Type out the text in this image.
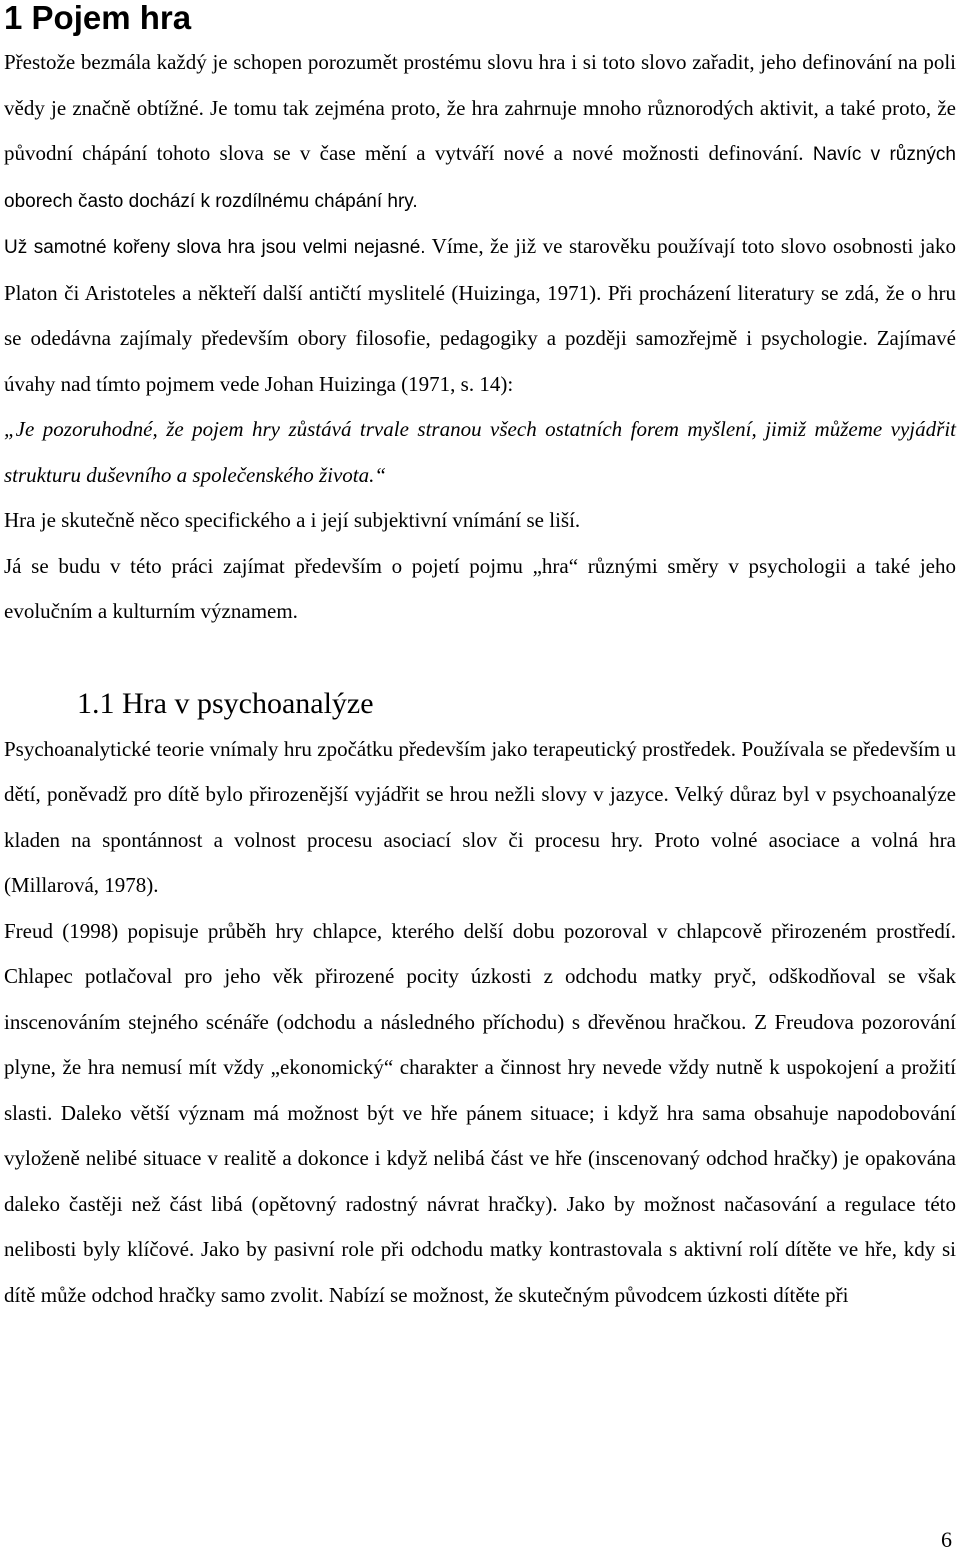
1 Pojem hra

Přestože bezmála každý je schopen porozumět prostému slovu hra i si toto slovo zařadit, jeho definování na poli vědy je značně obtížné. Je tomu tak zejména proto, že hra zahrnuje mnoho různorodých aktivit, a také proto, že původní chápání tohoto slova se v čase mění a vytváří nové a nové možnosti definování. Navíc v různých oborech často dochází k rozdílnému chápání hry.

Už samotné kořeny slova hra jsou velmi nejasné. Víme, že již ve starověku používají toto slovo osobnosti jako Platon či Aristoteles a někteří další antičtí myslitelé (Huizinga, 1971). Při procházení literatury se zdá, že o hru se odedávna zajímaly především obory filosofie, pedagogiky a později samozřejmě i psychologie. Zajímavé úvahy nad tímto pojmem vede Johan Huizinga (1971, s. 14):

„Je pozoruhodné, že pojem hry zůstává trvale stranou všech ostatních forem myšlení, jimiž můžeme vyjádřit strukturu duševního a společenského života.“

Hra je skutečně něco specifického a i její subjektivní vnímání se liší.

Já se budu v této práci zajímat především o pojetí pojmu „hra“ různými směry v psychologii a také jeho evolučním a kulturním významem.

1.1 Hra v psychoanalýze

Psychoanalytické teorie vnímaly hru zpočátku především jako terapeutický prostředek. Používala se především u dětí, poněvadž pro dítě bylo přirozenější vyjádřit se hrou nežli slovy v jazyce. Velký důraz byl v psychoanalýze kladen na spontánnost a volnost procesu asociací slov či procesu hry. Proto volné asociace a volná hra (Millarová, 1978).

Freud (1998) popisuje průběh hry chlapce, kterého delší dobu pozoroval v chlapcově přirozeném prostředí. Chlapec potlačoval pro jeho věk přirozené pocity úzkosti z odchodu matky pryč, odškodňoval se však inscenováním stejného scénáře (odchodu a následného příchodu) s dřevěnou hračkou. Z Freudova pozorování plyne, že hra nemusí mít vždy „ekonomický“ charakter a činnost hry nevede vždy nutně k uspokojení a prožití slasti. Daleko větší význam má možnost být ve hře pánem situace; i když hra sama obsahuje napodobování vyloženě nelibé situace v realitě a dokonce i když nelibá část ve hře (inscenovaný odchod hračky) je opakována daleko častěji než část libá (opětovný radostný návrat hračky). Jako by možnost načasování a regulace této nelibosti byly klíčové. Jako by pasivní role při odchodu matky kontrastovala s aktivní rolí dítěte ve hře, kdy si dítě může odchod hračky samo zvolit. Nabízí se možnost, že skutečným původcem úzkosti dítěte při

6
